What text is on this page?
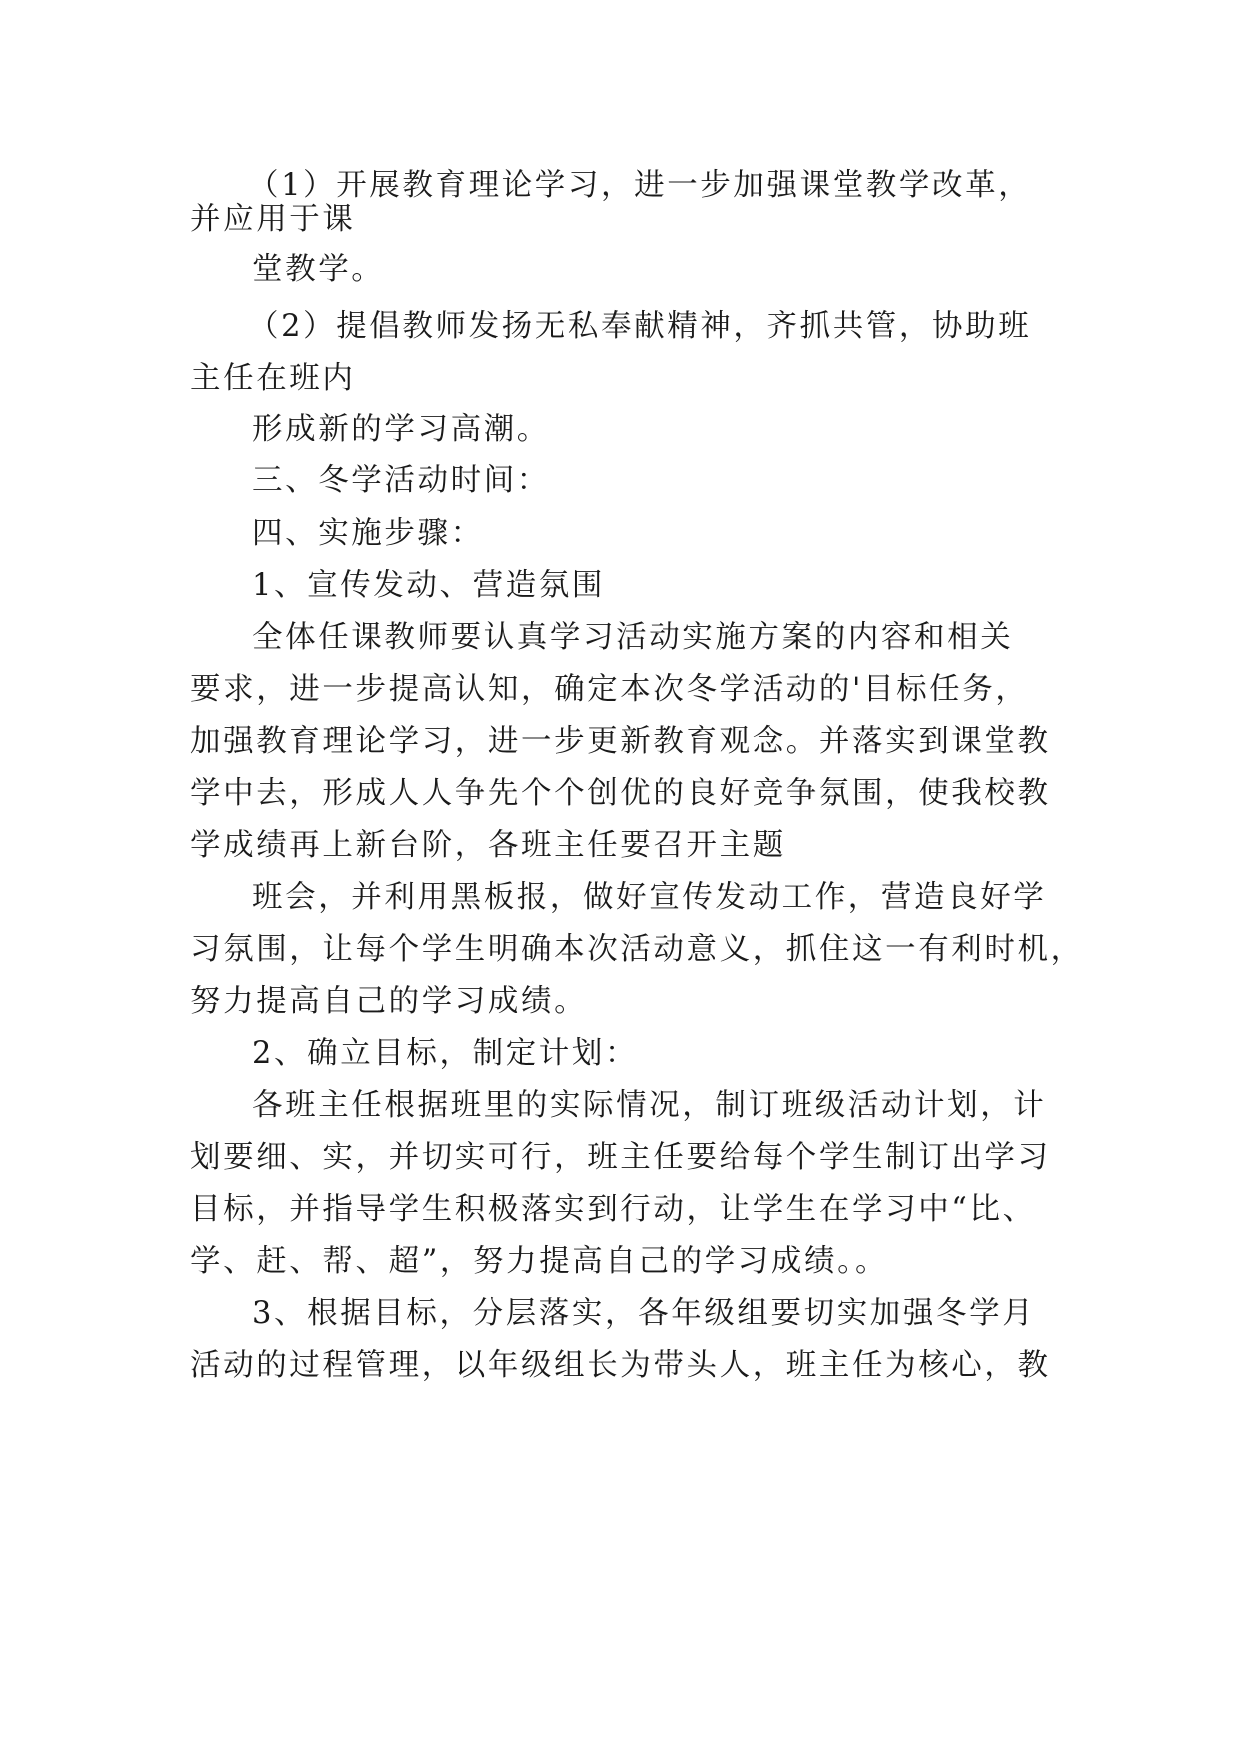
（1）开展教育理论学习，进一步加强课堂教学改革，
并应用于课
堂教学。
（2）提倡教师发扬无私奉献精神，齐抓共管，协助班
主任在班内
形成新的学习高潮。
三、冬学活动时间：
四、实施步骤：
1、宣传发动、营造氛围
全体任课教师要认真学习活动实施方案的内容和相关
要求，进一步提高认知，确定本次冬学活动的'目标任务，
加强教育理论学习，进一步更新教育观念。并落实到课堂教
学中去，形成人人争先个个创优的良好竞争氛围，使我校教
学成绩再上新台阶，各班主任要召开主题
班会，并利用黑板报，做好宣传发动工作，营造良好学
习氛围，让每个学生明确本次活动意义，抓住这一有利时机，
努力提高自己的学习成绩。
2、确立目标，制定计划：
各班主任根据班里的实际情况，制订班级活动计划，计
划要细、实，并切实可行，班主任要给每个学生制订出学习
目标，并指导学生积极落实到行动，让学生在学习中“比、
学、赶、帮、超”，努力提高自己的学习成绩。。
3、根据目标，分层落实，各年级组要切实加强冬学月
活动的过程管理，以年级组长为带头人，班主任为核心，教
